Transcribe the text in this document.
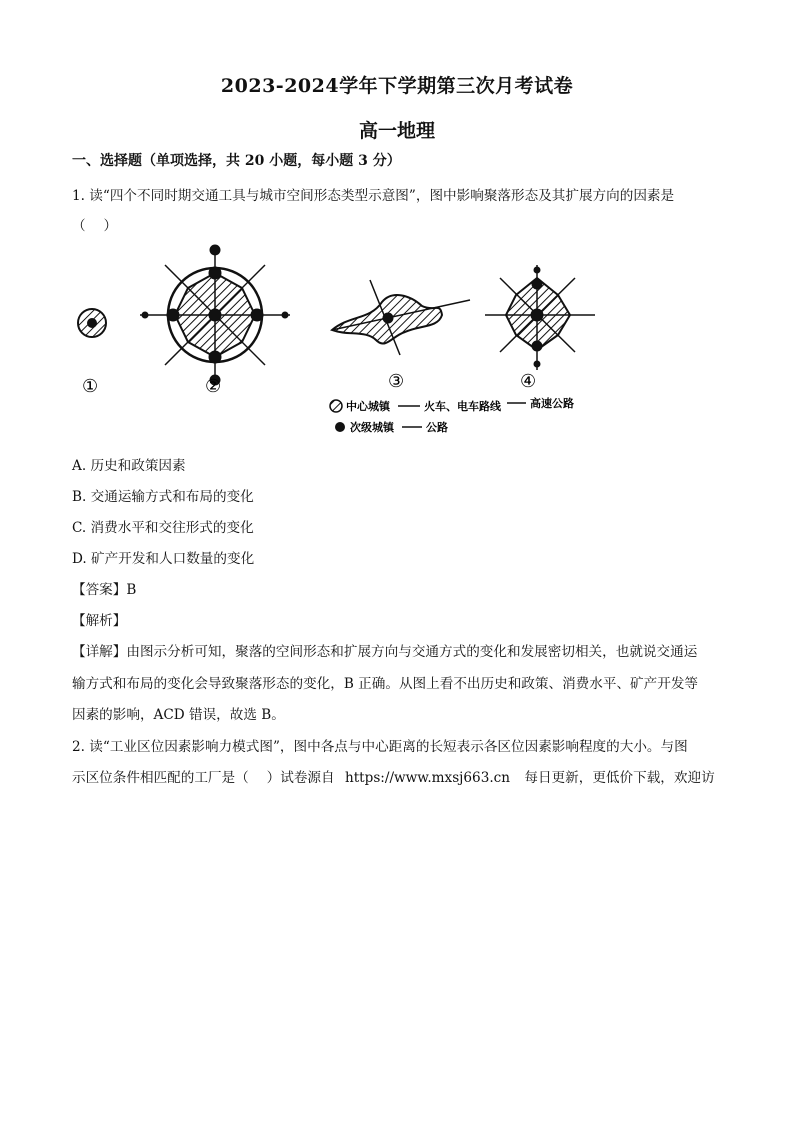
2023-2024学年下学期第三次月考试卷
高一地理
一、选择题（单项选择，共 20 小题，每小题 3 分）
1. 读“四个不同时期交通工具与城市空间形态类型示意图”，图中影响聚落形态及其扩展方向的因素是
（　 ）
①	②	③	④
中心城镇	火车、电车路线	高速公路
次级城镇	公路
A. 历史和政策因素
B. 交通运输方式和布局的变化
C. 消费水平和交往形式的变化
D. 矿产开发和人口数量的变化
【答案】B
【解析】
【详解】由图示分析可知，聚落的空间形态和扩展方向与交通方式的变化和发展密切相关，也就说交通运
输方式和布局的变化会导致聚落形态的变化，B 正确。从图上看不出历史和政策、消费水平、矿产开发等
因素的影响，ACD 错误，故选 B。
2. 读“工业区位因素影响力模式图”，图中各点与中心距离的长短表示各区位因素影响程度的大小。与图
示区位条件相匹配的工厂是（　 ）试卷源自 https://www.mxsj663.cn 每日更新，更低价下载，欢迎访
